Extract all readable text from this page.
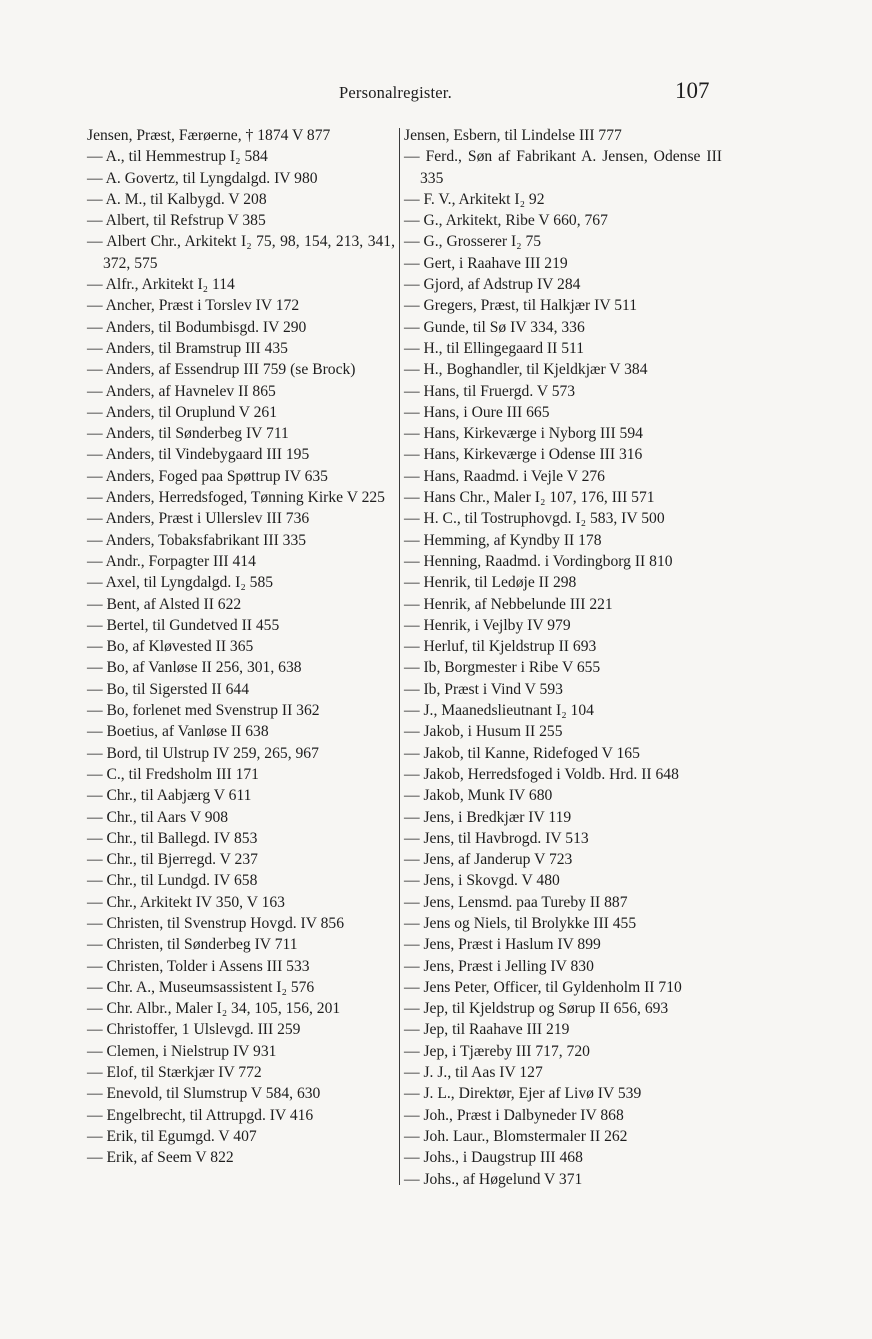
Personalregister.	107
Jensen, Præst, Færøerne, † 1874 V 877
— A., til Hemmestrup I₂ 584
— A. Govertz, til Lyngdalgd. IV 980
— A. M., til Kalbygd. V 208
— Albert, til Refstrup V 385
— Albert Chr., Arkitekt I₂ 75, 98, 154, 213, 341, 372, 575
— Alfr., Arkitekt I₂ 114
— Ancher, Præst i Torslev IV 172
— Anders, til Bodumbisgd. IV 290
— Anders, til Bramstrup III 435
— Anders, af Essendrup III 759 (se Brock)
— Anders, af Havnelev II 865
— Anders, til Oruplund V 261
— Anders, til Sønderbeg IV 711
— Anders, til Vindebygaard III 195
— Anders, Foged paa Spøttrup IV 635
— Anders, Herredsfoged, Tønning Kirke V 225
— Anders, Præst i Ullerslev III 736
— Anders, Tobaksfabrikant III 335
— Andr., Forpagter III 414
— Axel, til Lyngdalgd. I₂ 585
— Bent, af Alsted II 622
— Bertel, til Gundetved II 455
— Bo, af Kløvested II 365
— Bo, af Vanløse II 256, 301, 638
— Bo, til Sigersted II 644
— Bo, forlenet med Svenstrup II 362
— Boetius, af Vanløse II 638
— Bord, til Ulstrup IV 259, 265, 967
— C., til Fredsholm III 171
— Chr., til Aabjærg V 611
— Chr., til Aars V 908
— Chr., til Ballegd. IV 853
— Chr., til Bjerregd. V 237
— Chr., til Lundgd. IV 658
— Chr., Arkitekt IV 350, V 163
— Christen, til Svenstrup Hovgd. IV 856
— Christen, til Sønderbeg IV 711
— Christen, Tolder i Assens III 533
— Chr. A., Museumsassistent I₂ 576
— Chr. Albr., Maler I₂ 34, 105, 156, 201
— Christoffer, 1 Ulslevgd. III 259
— Clemen, i Nielstrup IV 931
— Elof, til Stærkjær IV 772
— Enevold, til Slumstrup V 584, 630
— Engelbrecht, til Attrupgd. IV 416
— Erik, til Egumgd. V 407
— Erik, af Seem V 822
Jensen, Esbern, til Lindelse III 777
— Ferd., Søn af Fabrikant A. Jensen, Odense III 335
— F. V., Arkitekt I₂ 92
— G., Arkitekt, Ribe V 660, 767
— G., Grosserer I₂ 75
— Gert, i Raahave III 219
— Gjord, af Adstrup IV 284
— Gregers, Præst, til Halkjær IV 511
— Gunde, til Sø IV 334, 336
— H., til Ellingegaard II 511
— H., Boghandler, til Kjeldkjær V 384
— Hans, til Fruergd. V 573
— Hans, i Oure III 665
— Hans, Kirkeværge i Nyborg III 594
— Hans, Kirkeværge i Odense III 316
— Hans, Raadmd. i Vejle V 276
— Hans Chr., Maler I₂ 107, 176, III 571
— H. C., til Tostruphovgd. I₂ 583, IV 500
— Hemming, af Kyndby II 178
— Henning, Raadmd. i Vordingborg II 810
— Henrik, til Ledøje II 298
— Henrik, af Nebbelunde III 221
— Henrik, i Vejlby IV 979
— Herluf, til Kjeldstrup II 693
— Ib, Borgmester i Ribe V 655
— Ib, Præst i Vind V 593
— J., Maanedslieutnant I₂ 104
— Jakob, i Husum II 255
— Jakob, til Kanne, Ridefoged V 165
— Jakob, Herredsfoged i Voldb. Hrd. II 648
— Jakob, Munk IV 680
— Jens, i Bredkjær IV 119
— Jens, til Havbrogd. IV 513
— Jens, af Janderup V 723
— Jens, i Skovgd. V 480
— Jens, Lensmd. paa Tureby II 887
— Jens og Niels, til Brolykke III 455
— Jens, Præst i Haslum IV 899
— Jens, Præst i Jelling IV 830
— Jens Peter, Officer, til Gyldenholm II 710
— Jep, til Kjeldstrup og Sørup II 656, 693
— Jep, til Raahave III 219
— Jep, i Tjæreby III 717, 720
— J. J., til Aas IV 127
— J. L., Direktør, Ejer af Livø IV 539
— Joh., Præst i Dalbyneder IV 868
— Joh. Laur., Blomstermaler II 262
— Johs., i Daugstrup III 468
— Johs., af Høgelund V 371
